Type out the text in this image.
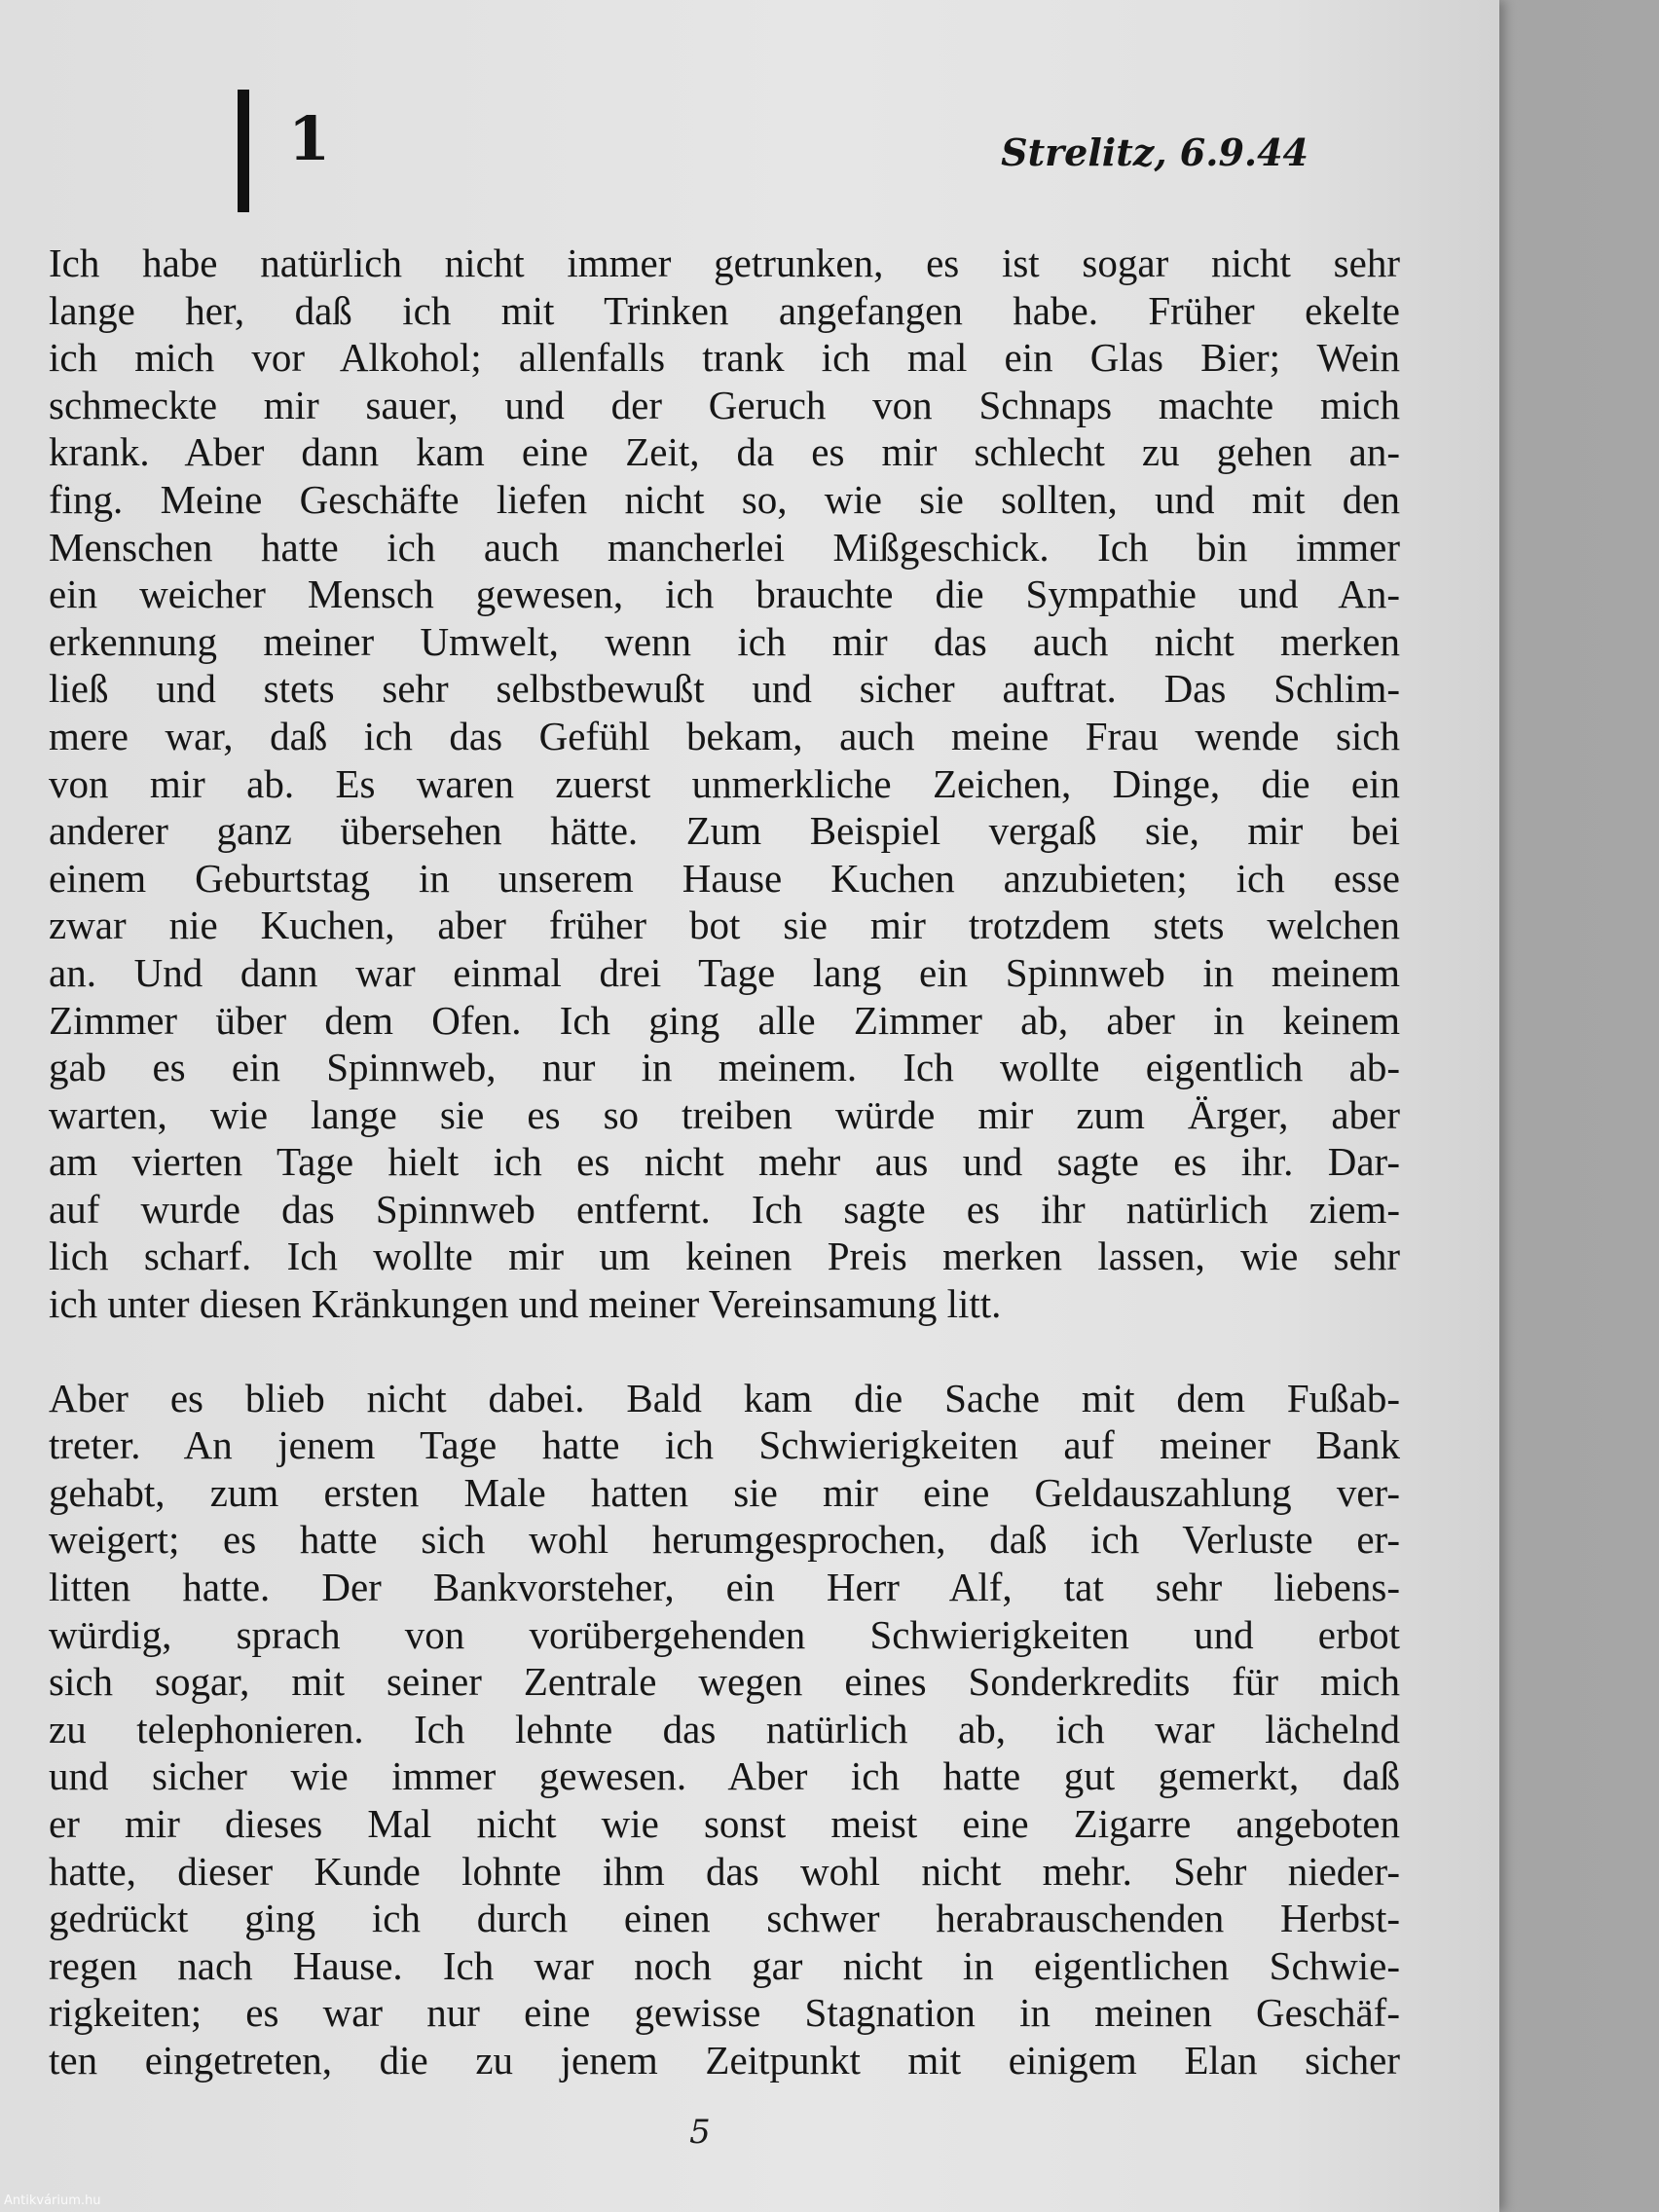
1	Strelitz, 6.9.44
Ich habe natürlich nicht immer getrunken, es ist sogar nicht sehr
lange her, daß ich mit Trinken angefangen habe. Früher ekelte
ich mich vor Alkohol; allenfalls trank ich mal ein Glas Bier; Wein
schmeckte mir sauer, und der Geruch von Schnaps machte mich
krank. Aber dann kam eine Zeit, da es mir schlecht zu gehen an-
fing. Meine Geschäfte liefen nicht so, wie sie sollten, und mit den
Menschen hatte ich auch mancherlei Mißgeschick. Ich bin immer
ein weicher Mensch gewesen, ich brauchte die Sympathie und An-
erkennung meiner Umwelt, wenn ich mir das auch nicht merken
ließ und stets sehr selbstbewußt und sicher auftrat. Das Schlim-
mere war, daß ich das Gefühl bekam, auch meine Frau wende sich
von mir ab. Es waren zuerst unmerkliche Zeichen, Dinge, die ein
anderer ganz übersehen hätte. Zum Beispiel vergaß sie, mir bei
einem Geburtstag in unserem Hause Kuchen anzubieten; ich esse
zwar nie Kuchen, aber früher bot sie mir trotzdem stets welchen
an. Und dann war einmal drei Tage lang ein Spinnweb in meinem
Zimmer über dem Ofen. Ich ging alle Zimmer ab, aber in keinem
gab es ein Spinnweb, nur in meinem. Ich wollte eigentlich ab-
warten, wie lange sie es so treiben würde mir zum Ärger, aber
am vierten Tage hielt ich es nicht mehr aus und sagte es ihr. Dar-
auf wurde das Spinnweb entfernt. Ich sagte es ihr natürlich ziem-
lich scharf. Ich wollte mir um keinen Preis merken lassen, wie sehr
ich unter diesen Kränkungen und meiner Vereinsamung litt.
Aber es blieb nicht dabei. Bald kam die Sache mit dem Fußab-
treter. An jenem Tage hatte ich Schwierigkeiten auf meiner Bank
gehabt, zum ersten Male hatten sie mir eine Geldauszahlung ver-
weigert; es hatte sich wohl herumgesprochen, daß ich Verluste er-
litten hatte. Der Bankvorsteher, ein Herr Alf, tat sehr liebens-
würdig, sprach von vorübergehenden Schwierigkeiten und erbot
sich sogar, mit seiner Zentrale wegen eines Sonderkredits für mich
zu telephonieren. Ich lehnte das natürlich ab, ich war lächelnd
und sicher wie immer gewesen. Aber ich hatte gut gemerkt, daß
er mir dieses Mal nicht wie sonst meist eine Zigarre angeboten
hatte, dieser Kunde lohnte ihm das wohl nicht mehr. Sehr nieder-
gedrückt ging ich durch einen schwer herabrauschenden Herbst-
regen nach Hause. Ich war noch gar nicht in eigentlichen Schwie-
rigkeiten; es war nur eine gewisse Stagnation in meinen Geschäf-
ten eingetreten, die zu jenem Zeitpunkt mit einigem Elan sicher
5
Antikvárium.hu
